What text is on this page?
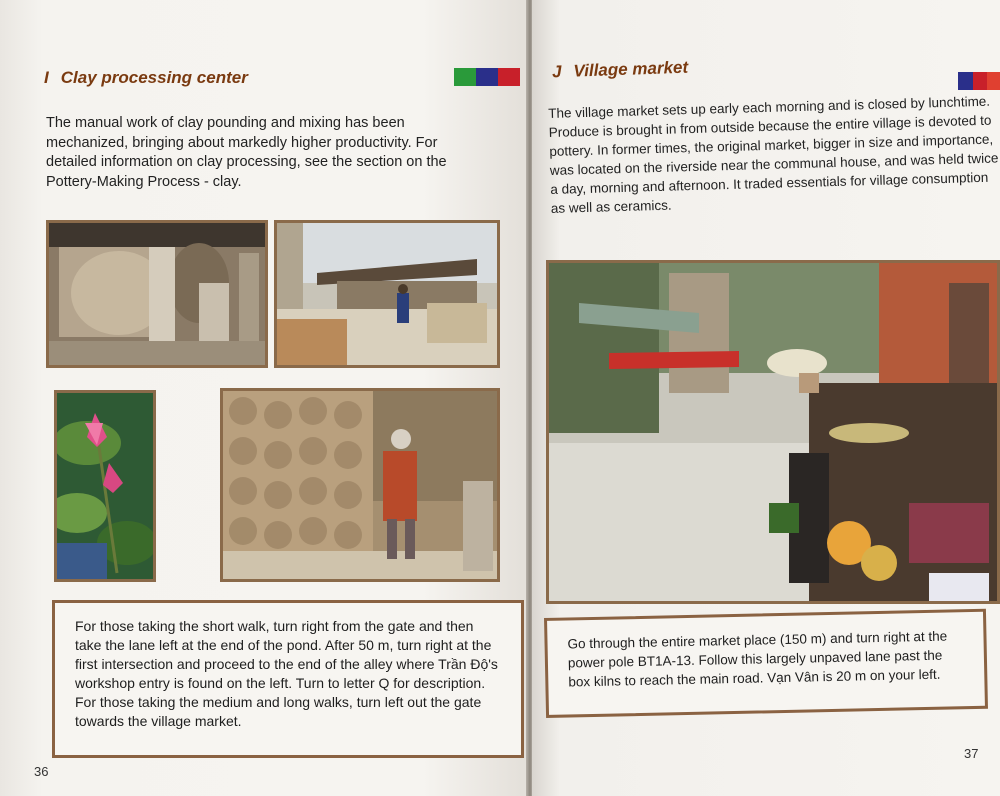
I Clay processing center
The manual work of clay pounding and mixing has been mechanized, bringing about markedly higher productivity. For detailed information on clay processing, see the section on the Pottery-Making Process - clay.
For those taking the short walk, turn right from the gate and then take the lane left at the end of the pond. After 50 m, turn right at the first intersection and proceed to the end of the alley where Trần Độ's workshop entry is found on the left. Turn to letter Q for description.
For those taking the medium and long walks, turn left out the gate towards the village market.
36
J Village market
The village market sets up early each morning and is closed by lunchtime. Produce is brought in from outside because the entire village is devoted to pottery. In former times, the original market, bigger in size and importance, was located on the riverside near the communal house, and was held twice a day, morning and afternoon. It traded essentials for village consumption as well as ceramics.
Go through the entire market place (150 m) and turn right at the power pole BT1A-13. Follow this largely unpaved lane past the box kilns to reach the main road. Vạn Vân is 20 m on your left.
37
